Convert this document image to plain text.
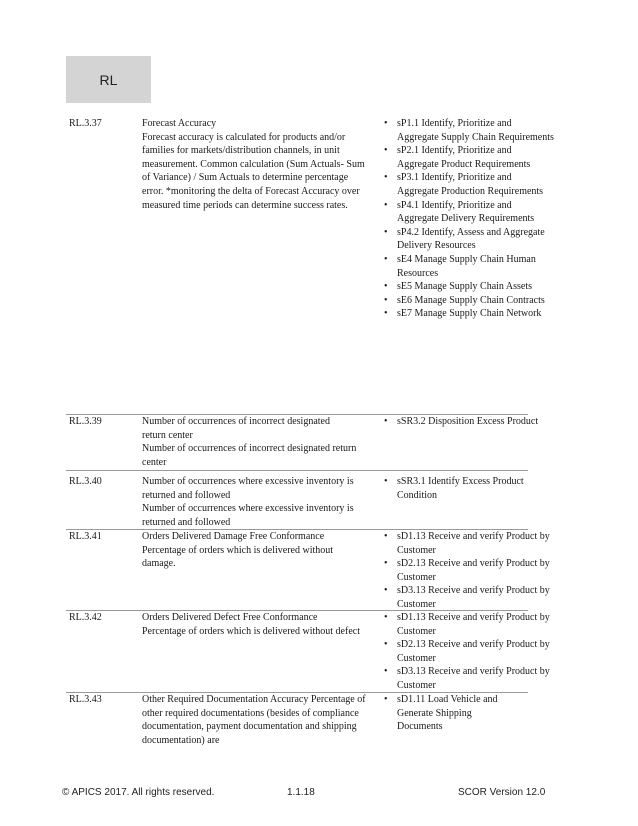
RL
RL.3.37	Forecast Accuracy
Forecast accuracy is calculated for products and/or families for markets/distribution channels, in unit measurement. Common calculation (Sum Actuals- Sum of Variance) / Sum Actuals to determine percentage error. *monitoring the delta of Forecast Accuracy over measured time periods can determine success rates.
• sP1.1 Identify, Prioritize and Aggregate Supply Chain Requirements
• sP2.1 Identify, Prioritize and Aggregate Product Requirements
• sP3.1 Identify, Prioritize and Aggregate Production Requirements
• sP4.1 Identify, Prioritize and Aggregate Delivery Requirements
• sP4.2 Identify, Assess and Aggregate Delivery Resources
• sE4 Manage Supply Chain Human Resources
• sE5 Manage Supply Chain Assets
• sE6 Manage Supply Chain Contracts
• sE7 Manage Supply Chain Network
RL.3.39	Number of occurrences of incorrect designated return center
Number of occurrences of incorrect designated return center
• sSR3.2 Disposition Excess Product
RL.3.40	Number of occurrences where excessive inventory is returned and followed
Number of occurrences where excessive inventory is returned and followed
• sSR3.1 Identify Excess Product Condition
RL.3.41	Orders Delivered Damage Free Conformance
Percentage of orders which is delivered without damage.
• sD1.13 Receive and verify Product by Customer
• sD2.13 Receive and verify Product by Customer
• sD3.13 Receive and verify Product by Customer
RL.3.42	Orders Delivered Defect Free Conformance
Percentage of orders which is delivered without defect
• sD1.13 Receive and verify Product by Customer
• sD2.13 Receive and verify Product by Customer
• sD3.13 Receive and verify Product by Customer
RL.3.43	Other Required Documentation Accuracy Percentage of other required documentations (besides of compliance documentation, payment documentation and shipping documentation) are
• sD1.11 Load Vehicle and Generate Shipping Documents
© APICS 2017. All rights reserved.	1.1.18	SCOR Version 12.0
